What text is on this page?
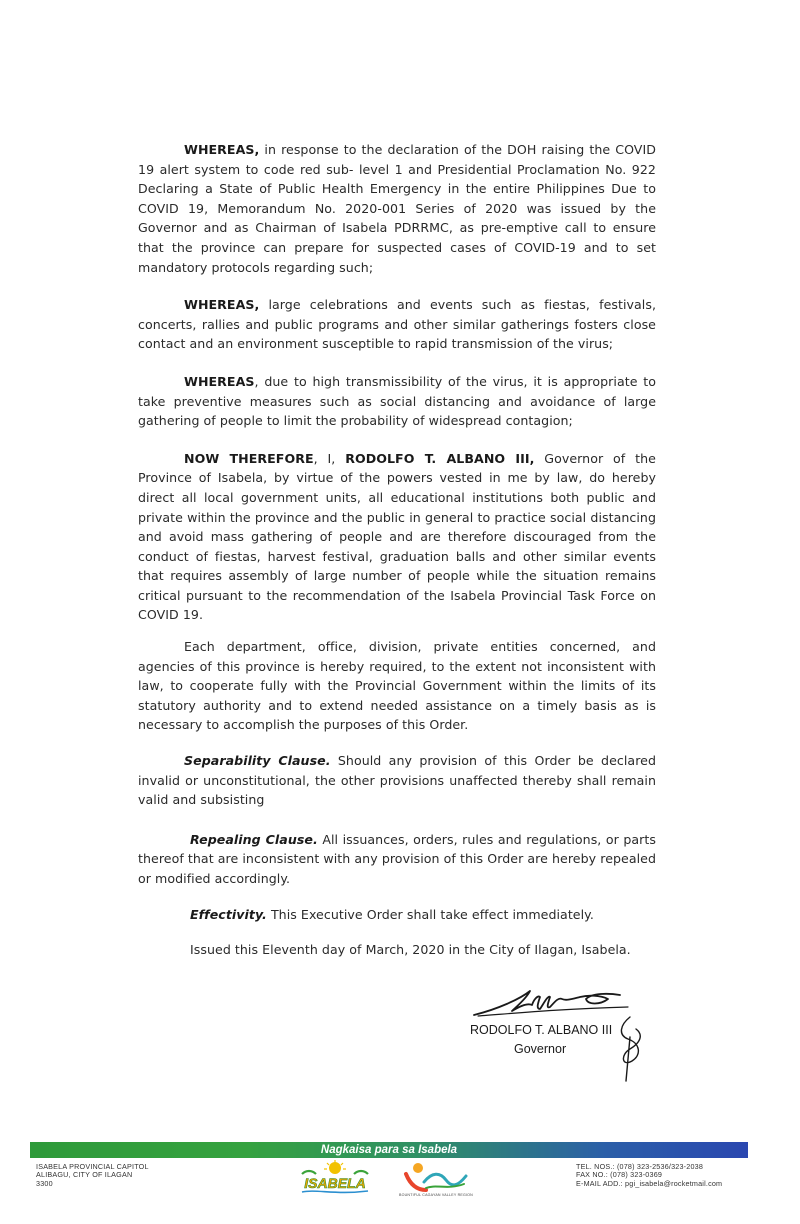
WHEREAS, in response to the declaration of the DOH raising the COVID 19 alert system to code red sub- level 1 and Presidential Proclamation No. 922 Declaring a State of Public Health Emergency in the entire Philippines Due to COVID 19, Memorandum No. 2020-001 Series of 2020 was issued by the Governor and as Chairman of Isabela PDRRMC, as pre-emptive call to ensure that the province can prepare for suspected cases of COVID-19 and to set mandatory protocols regarding such;

WHEREAS, large celebrations and events such as fiestas, festivals, concerts, rallies and public programs and other similar gatherings fosters close contact and an environment susceptible to rapid transmission of the virus;

WHEREAS, due to high transmissibility of the virus, it is appropriate to take preventive measures such as social distancing and avoidance of large gathering of people to limit the probability of widespread contagion;

NOW THEREFORE, I, RODOLFO T. ALBANO III, Governor of the Province of Isabela, by virtue of the powers vested in me by law, do hereby direct all local government units, all educational institutions both public and private within the province and the public in general to practice social distancing and avoid mass gathering of people and are therefore discouraged from the conduct of fiestas, harvest festival, graduation balls and other similar events that requires assembly of large number of people while the situation remains critical pursuant to the recommendation of the Isabela Provincial Task Force on COVID 19.

Each department, office, division, private entities concerned, and agencies of this province is hereby required, to the extent not inconsistent with law, to cooperate fully with the Provincial Government within the limits of its statutory authority and to extend needed assistance on a timely basis as is necessary to accomplish the purposes of this Order.

Separability Clause. Should any provision of this Order be declared invalid or unconstitutional, the other provisions unaffected thereby shall remain valid and subsisting

Repealing Clause. All issuances, orders, rules and regulations, or parts thereof that are inconsistent with any provision of this Order are hereby repealed or modified accordingly.

Effectivity. This Executive Order shall take effect immediately.

Issued this Eleventh day of March, 2020 in the City of Ilagan, Isabela.

RODOLFO T. ALBANO III
Governor
Nagkaisa para sa Isabela
ISABELA PROVINCIAL CAPITOL
ALIBAGU, CITY OF ILAGAN
3300	ISABELA
BOUNTIFUL CAGAYAN VALLEY REGION
TEL. NOS.: (078) 323-2536/323-2038
FAX NO.: (078) 323-0369
E-MAIL ADD.: pgi_isabela@rocketmail.com
